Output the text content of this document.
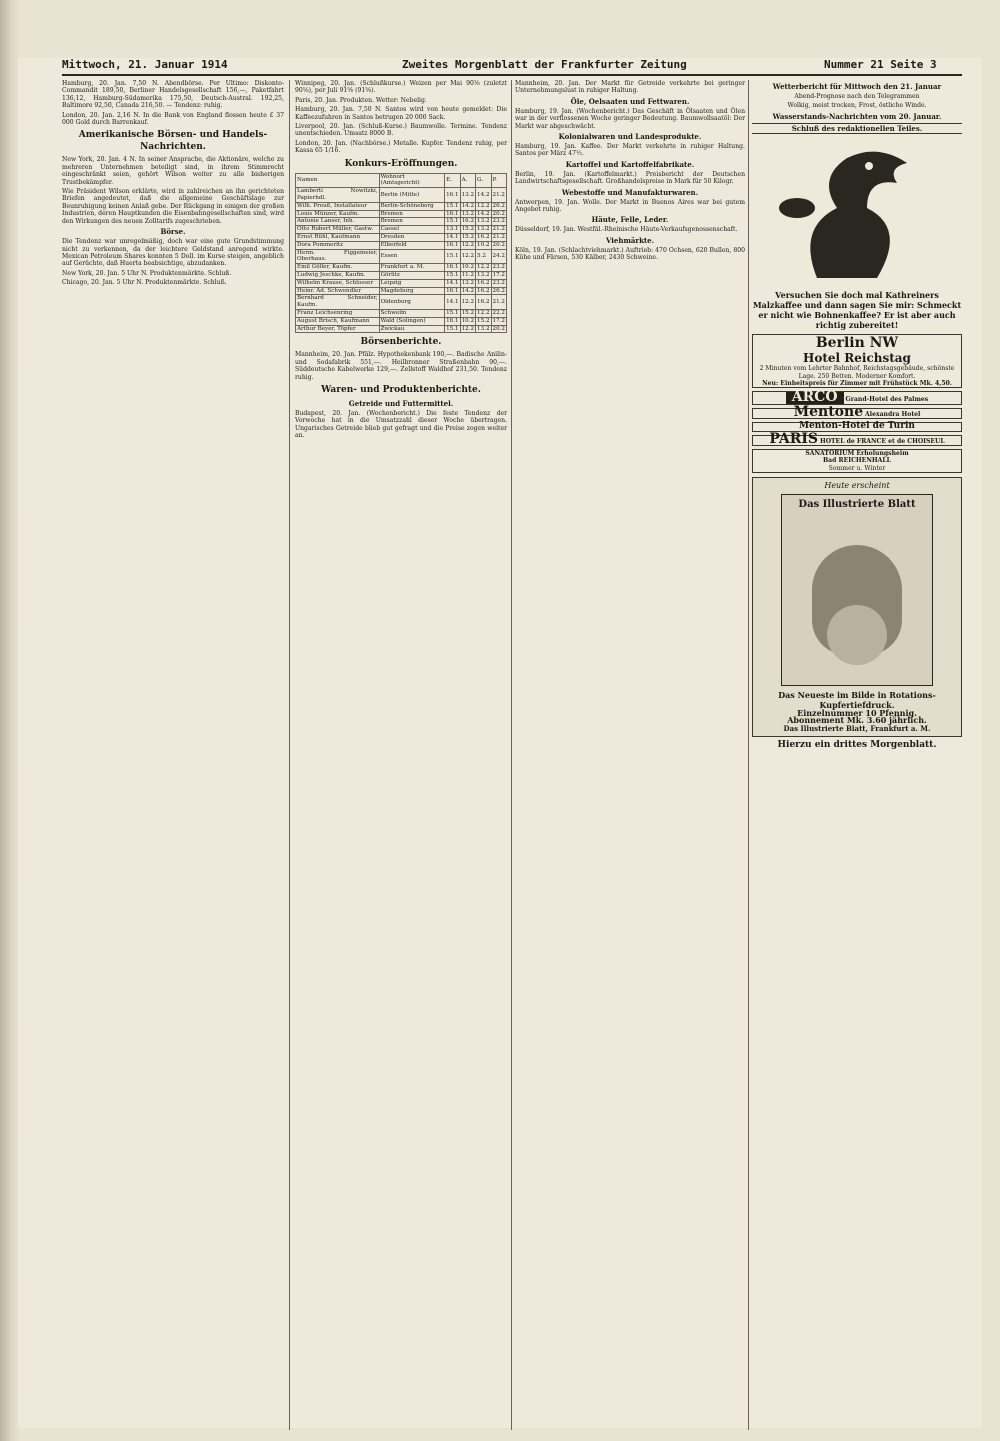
Mittwoch, 21. Januar 1914	Zweites Morgenblatt der Frankfurter Zeitung	Nummer 21 Seite 3

Hamburg, 20. Jan. 7,50 N. Abendbörse. Per Ultimo: Diskonto-Commandit 189,50, Berliner Handelsgesellschaft 156,—, Paketfahrt 136,12, Hamburg-Südamerika 175,50, Deutsch-Austral. 192,25, Baltimore 92,50, Canada 216,50. — Tendenz: ruhig.

London, 20. Jan. 2,16 N. In die Bank von England flossen heute £ 37 000 Gold durch Barrenkauf.

Amerikanische Börsen- und Handels-Nachrichten.

New York, 20. Jan. 4 N. In seiner Ansprache, die Aktionäre, welche zu mehreren Unternehmen beteiligt sind, in ihrem Stimmrecht eingeschränkt seien, gehört Wilson weiter zu alle bisherigen Trustbekämpfer.

Wie Präsident Wilson erklärte, wird in zahlreichen an ihn gerichteten Briefen angedeutet, daß die allgemeine Geschäftslage zur Beunruhigung keinen Anlaß gebe. Der Rückgang in einigen der großen Industrien, deren Hauptkunden die Eisenbahngesellschaften sind, wird den Wirkungen des neuen Zolltarifs zugeschrieben.

Börse.

Die Tendenz war unregelmäßig, doch war eine gute Grundstimmung nicht zu verkennen, da der leichtere Geldstand anregend wirkte. Mexican Petroleum Shares konnten 5 Doll. im Kurse steigen, angeblich auf Gerüchte, daß Huerta beabsichtige, abzudanken.

New York, 20. Jan. 5 Uhr N. Produktenmärkte. Schluß.

Chicago, 20. Jan. 5 Uhr N. Produktenmärkte. Schluß.

Winnipeg, 20. Jan. (Schlußkurse.) Weizen per Mai 90⅛ (zuletzt 90⅛), per Juli 91⅝ (91⅝).

Paris, 20. Jan. Produkten. Wetter: Nebelig.

Hamburg, 20. Jan. 7,50 N. Santos wird von heute gemeldet: Die Kaffeezufuhren in Santos betrugen 20 000 Sack.

Liverpool, 20. Jan. (Schluß-Kurse.) Baumwolle. Termine. Tendenz unentschieden. Umsatz 8000 B.

London, 20. Jan. (Nachbörse.) Metalle. Kupfer. Tendenz ruhig, per Kassa 65 1/16.

Konkurs-Eröffnungen.
Namen	Wohnort (Amtsgericht)	E.	A.	G.	P.
Lamberti Nowitzki, Papierhdl.	Berlin (Mitte)	16.1	13.2	14.2	21.2
Wilh. Preuß, Installateur	Berlin-Schöneberg	15.1	14.2	12.2	26.2
Louis Münzer, Kaufm.	Bremen	16.1	13.2	14.2	20.2
Antonie Lanser, Inh.	Bremen	15.1	16.2	13.2	23.2
Otto Robert Müller, Gastw.	Cassel	13.1	15.2	13.2	21.2
Ernst Rühl, Kaufmann	Dresden	14.1	15.2	16.2	21.2
Dora Pommeritz	Elberfeld	16.1	12.2	10.2	20.2
Herm. Figgemeier, Oberhaus.	Essen	15.1	12.2	5.2	24.2
Emil Göller, Kaufm.	Frankfurt a. M.	16.1	10.2	12.2	23.2
Ludwig Jeschke, Kaufm.	Görlitz	15.1	11.2	13.2	17.2
Wilhelm Krause, Schlosser	Leipzig	14.1	13.2	16.2	23.2
Heinr. Ad. Schwendler	Magdeburg	16.1	14.2	16.2	26.2
Bernhard Schneider, Kaufm.	Oldenburg	14.1	12.2	16.2	21.2
Franz Leichsenring	Schwelm	15.1	15.2	12.2	22.2
August Brisch, Kaufmann	Wald (Solingen)	16.1	10.2	15.2	17.2
Arthur Beyer, Töpfer	Zwickau	15.1	12.2	13.2	20.2
Börsenberichte.

Mannheim, 20. Jan. Pfälz. Hypothekenbank 190,—. Badische Anilin- und Sodafabrik 551,—. Heilbronner Straßenbahn 90,—. Süddeutsche Kabelwerke 129,—. Zellstoff Waldhof 231,50. Tendenz ruhig.

Waren- und Produktenberichte.
Getreide und Futtermittel.

Budapest, 20. Jan. (Wochenbericht.) Die feste Tendenz der Vorwoche hat in die Umsatzzahl dieser Woche übertragen. Ungarisches Getreide blieb gut gefragt und die Preise zogen weiter an.

Mannheim, 20. Jan. Der Markt für Getreide verkehrte bei geringer Unternehmungslust in ruhiger Haltung.

Öle, Oelsaaten und Fettwaren.

Hamburg, 19. Jan. (Wochenbericht.) Das Geschäft in Ölsaaten und Ölen war in der verflossenen Woche geringer Bedeutung. Baumwollsaatöl: Der Markt war abgeschwächt.

Kolonialwaren und Landesprodukte.

Hamburg, 19. Jan. Kaffee. Der Markt verkehrte in ruhiger Haltung. Santos per März 47½.

Kartoffel und Kartoffelfabrikate.

Berlin, 19. Jan. (Kartoffelmarkt.) Preisbericht der Deutschen Landwirtschaftsgesellschaft. Großhandelspreise in Mark für 50 Kilogr.

Webestoffe und Manufakturwaren.

Antwerpen, 19. Jan. Wolle. Der Markt in Buenos Aires war bei gutem Angebot ruhig.

Häute, Felle, Leder.

Düsseldorf, 19. Jan. Westfäl.-Rheinische Häute-Verkaufsgenossenschaft.

Viehmärkte.

Köln, 19. Jan. (Schlachtviehmarkt.) Auftrieb: 470 Ochsen, 620 Bullen, 800 Kühe und Färsen, 530 Kälber, 2430 Schweine.

Wetterbericht für Mittwoch den 21. Januar

Abend-Prognose nach den Telegrammen

Wolkig, meist trocken, Frost, östliche Winde.

Wasserstands-Nachrichten vom 20. Januar.
Schluß des redaktionellen Teiles.
Versuchen Sie doch mal Kathreiners Malzkaffee und dann sagen Sie mir: Schmeckt er nicht wie Bohnenkaffee? Er ist aber auch richtig zubereitet!
Berlin NW
Hotel Reichstag
2 Minuten vom Lehrter Bahnhof, Reichstagsgebäude, schönste Lage. 250 Betten. Moderner Komfort.
Neu: Einheitspreis für Zimmer mit Frühstück Mk. 4,50.
ARCO Grand-Hotel des Palmes
Mentone Alexandra Hotel
Menton-Hotel de Turin
PARIS HOTEL de FRANCE et de CHOISEUL
SANATORIUM Erholungsheim
Bad REICHENHALL
Sommer u. Winter
Heute erscheint
Das Illustrierte Blatt
Das Neueste im Bilde in Rotations-Kupfertiefdruck.
Einzelnummer 10 Pfennig.
Abonnement Mk. 3.60 jährlich.
Das Illustrierte Blatt, Frankfurt a. M.
Hierzu ein drittes Morgenblatt.
